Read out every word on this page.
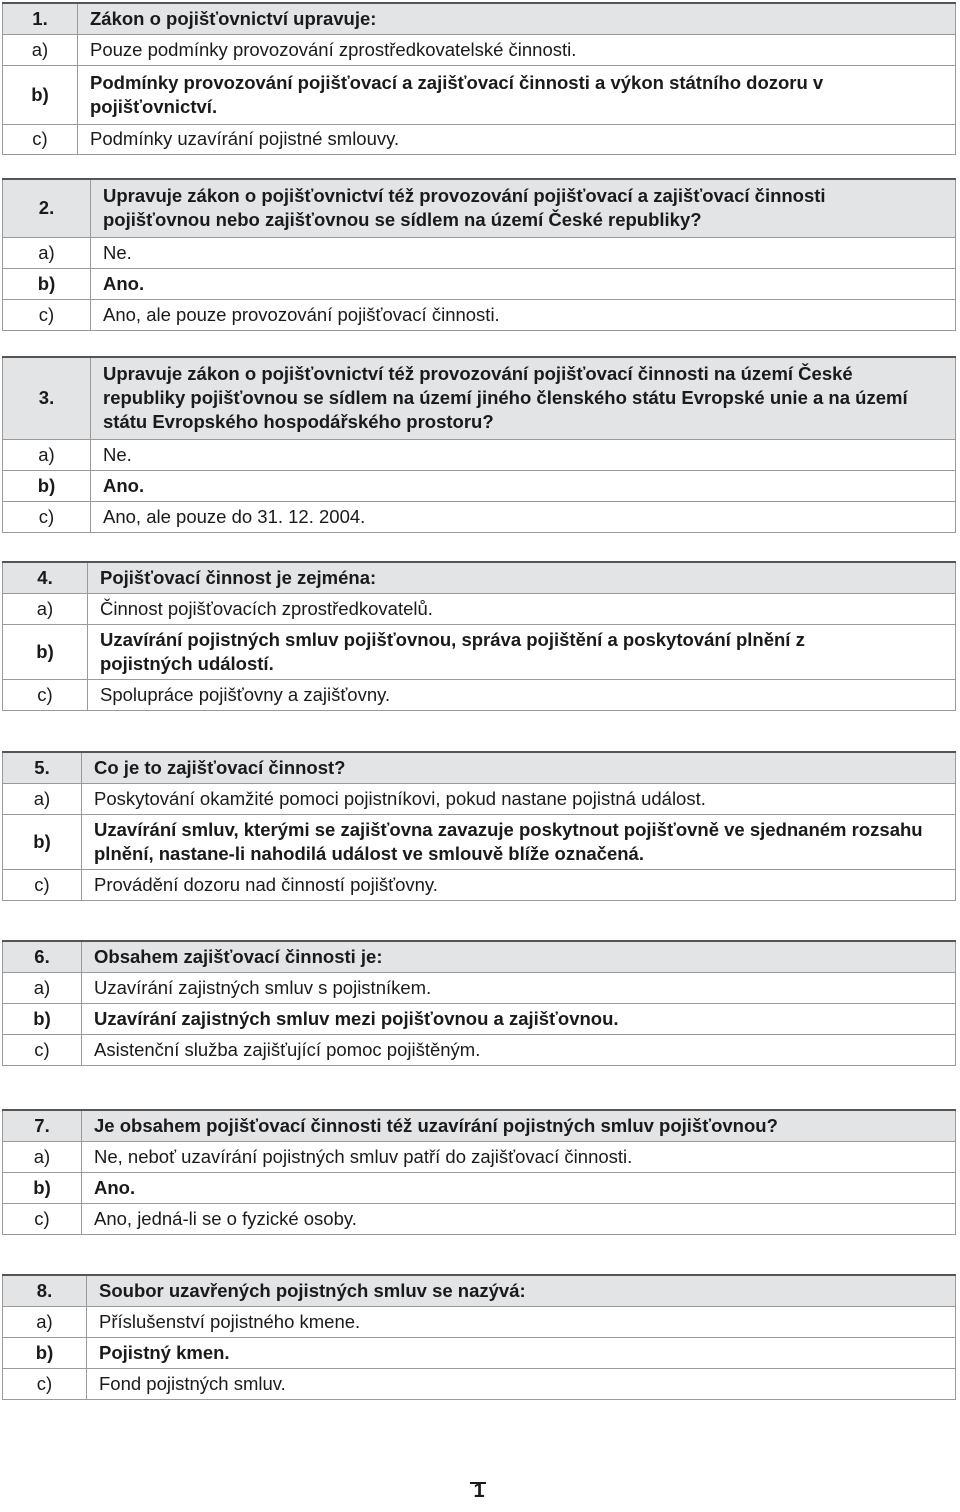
1.	Zákon o pojišťovnictví upravuje:
a)	Pouze podmínky provozování zprostředkovatelské činnosti.
b)	Podmínky provozování pojišťovací a zajišťovací činnosti a výkon státního dozoru v pojišťovnictví.
c)	Podmínky uzavírání pojistné smlouvy.
2.	Upravuje zákon o pojišťovnictví též provozování pojišťovací a zajišťovací činnosti pojišťovnou nebo zajišťovnou se sídlem na území České republiky?
a)	Ne.
b)	Ano.
c)	Ano, ale pouze provozování pojišťovací činnosti.
3.	Upravuje zákon o pojišťovnictví též provozování pojišťovací činnosti na území České republiky pojišťovnou se sídlem na území jiného členského státu Evropské unie a na území státu Evropského hospodářského prostoru?
a)	Ne.
b)	Ano.
c)	Ano, ale pouze do 31. 12. 2004.
4.	Pojišťovací činnost je zejména:
a)	Činnost pojišťovacích zprostředkovatelů.
b)	Uzavírání pojistných smluv pojišťovnou, správa pojištění a poskytování plnění z pojistných událostí.
c)	Spolupráce pojišťovny a zajišťovny.
5.	Co je to zajišťovací činnost?
a)	Poskytování okamžité pomoci pojistníkovi, pokud nastane pojistná událost.
b)	Uzavírání smluv, kterými se zajišťovna zavazuje poskytnout pojišťovně ve sjednaném rozsahu plnění, nastane-li nahodilá událost ve smlouvě blíže označená.
c)	Provádění dozoru nad činností pojišťovny.
6.	Obsahem zajišťovací činnosti je:
a)	Uzavírání zajistných smluv s pojistníkem.
b)	Uzavírání zajistných smluv mezi pojišťovnou a zajišťovnou.
c)	Asistenční služba zajišťující pomoc pojištěným.
7.	Je obsahem pojišťovací činnosti též uzavírání pojistných smluv pojišťovnou?
a)	Ne, neboť uzavírání pojistných smluv patří do zajišťovací činnosti.
b)	Ano.
c)	Ano, jedná-li se o fyzické osoby.
8.	Soubor uzavřených pojistných smluv se nazývá:
a)	Příslušenství pojistného kmene.
b)	Pojistný kmen.
c)	Fond pojistných smluv.
1
